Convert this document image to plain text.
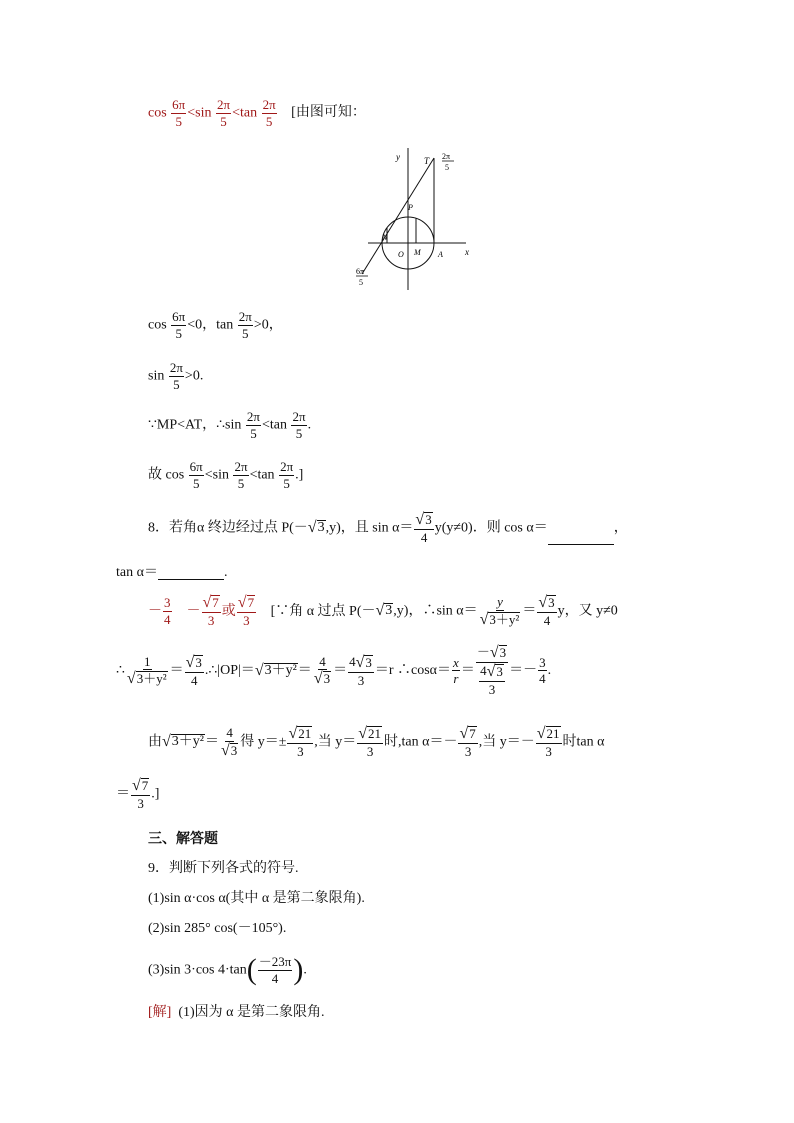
$\cos \frac{6\pi}{5} <\sin \frac{2\pi}{5} <\tan \frac{2\pi}{5}$ [由图可知：
y
x
T
P
N
O M A
2π
5
6π
5
$\cos \frac{6\pi}{5} <0$，$\tan \frac{2\pi}{5} >0$，
$\sin \frac{2\pi}{5} >0$.
∵MP<AT，∴sin $\frac{2\pi}{5} <\tan \frac{2\pi}{5}$ .
故 $\cos \frac{6\pi}{5} <\sin \frac{2\pi}{5} <\tan \frac{2\pi}{5}$ .]
8．若角α 终边经过点 P(－ √ 3 ,y)，且 $\sin \alpha= \frac{√ 3}{4} y(y\ne 0)$．则 cos α＝	，
tan α＝	.
－ $\frac{3}{4} - \frac{√ 7}{3}$ 或 $\frac{√ 7}{3}$ [∵角 α 过点 P(－ √ 3 ,y)，∴sin $\alpha= \frac{y}{\text{√ 3＋y²}} = \frac{√ 3}{4}$ y，又 y≠0
∴ $\frac{1}{\text{√ 3＋y²}} = \frac{√ 3}{4}$ .∴|OP|＝ √ $3+y^2 = \frac{4}{√ 3} = \frac{4 √ 3}{3} =r$ ∴cosα＝ $\frac{x}{r} = \frac{- √ 3}{\frac{4 √ 3}{3}} =- \frac{3}{4}$ .
由 √ $3+y^2 = \frac{4}{√ 3}$ 得 $y=\pm \frac{√ 21}{3}$ ,当 $y= \frac{√ 21}{3}$ 时,tan $\alpha=- \frac{√ 7}{3}$ ,当 $y=- \frac{√ 21}{3}$ 时tan α
＝ $\frac{√ 7}{3}$ .]
三、解答题
9．判断下列各式的符号.
(1)sin α·cos α(其中 α 是第二象限角).
(2)sin 285° cos(－105°).
(3)sin 3·cos $4\cdot\tan( \frac{-23\pi}{4}$ ).
[解] (1)因为 α 是第二象限角.
